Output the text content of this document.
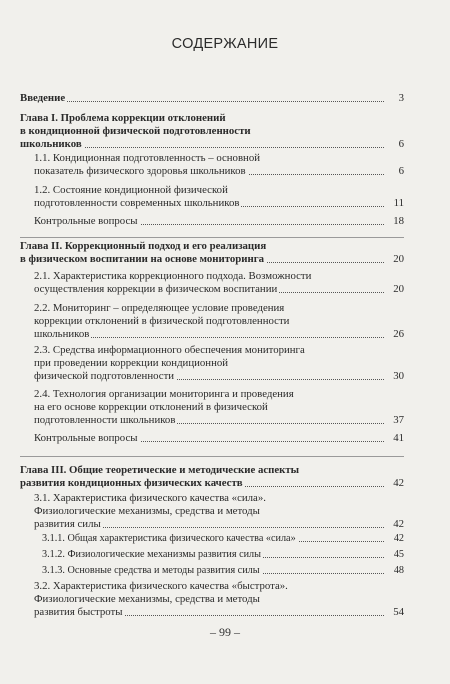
СОДЕРЖАНИЕ
Введение	3
Глава I. Проблема коррекции отклонений
в кондиционной физической подготовленности
школьников	6
1.1. Кондиционная подготовленность – основной
показатель физического здоровья школьников	6
1.2. Состояние кондиционной физической
подготовленности современных школьников	11
Контрольные вопросы	18
Глава II. Коррекционный подход и его реализация
в физическом воспитании на основе мониторинга	20
2.1. Характеристика коррекционного подхода. Возможности
осуществления коррекции в физическом воспитании	20
2.2. Мониторинг – определяющее условие проведения
коррекции отклонений в физической подготовленности
школьников	26
2.3. Средства информационного обеспечения мониторинга
при проведении коррекции кондиционной
физической подготовленности	30
2.4. Технология организации мониторинга и проведения
на его основе коррекции отклонений в физической
подготовленности школьников	37
Контрольные вопросы	41
Глава III. Общие теоретические и методические аспекты
развития кондиционных физических качеств	42
3.1. Характеристика физического качества «сила».
Физиологические механизмы, средства и методы
развития силы	42
3.1.1. Общая характеристика физического качества «сила»	42
3.1.2. Физиологические механизмы развития силы	45
3.1.3. Основные средства и методы развития силы	48
3.2. Характеристика физического качества «быстрота».
Физиологические механизмы, средства и методы
развития быстроты	54
– 99 –
